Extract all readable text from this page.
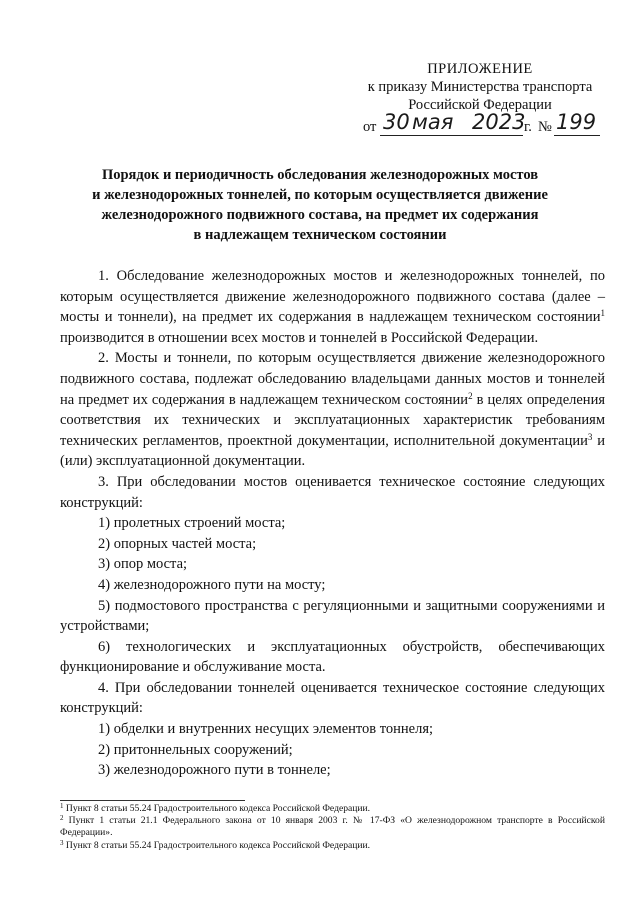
ПРИЛОЖЕНИЕ
к приказу Министерства транспорта
Российской Федерации
от 30 мая 2023
г. № 199
Порядок и периодичность обследования железнодорожных мостов
и железнодорожных тоннелей, по которым осуществляется движение
железнодорожного подвижного состава, на предмет их содержания
в надлежащем техническом состоянии

1. Обследование железнодорожных мостов и железнодорожных тоннелей, по которым осуществляется движение железнодорожного подвижного состава (далее – мосты и тоннели), на предмет их содержания в надлежащем техническом состоянии$^1$ производится в отношении всех мостов и тоннелей в Российской Федерации.

2. Мосты и тоннели, по которым осуществляется движение железнодорожного подвижного состава, подлежат обследованию владельцами данных мостов и тоннелей на предмет их содержания в надлежащем техническом состоянии$^2$ в целях определения соответствия их технических и эксплуатационных характеристик требованиям технических регламентов, проектной документации, исполнительной документации$^3$ и (или) эксплуатационной документации.

3. При обследовании мостов оценивается техническое состояние следующих конструкций:

1) пролетных строений моста;

2) опорных частей моста;

3) опор моста;

4) железнодорожного пути на мосту;

5) подмостового пространства с регуляционными и защитными сооружениями и устройствами;

6) технологических и эксплуатационных обустройств, обеспечивающих функционирование и обслуживание моста.

4. При обследовании тоннелей оценивается техническое состояние следующих конструкций:

1) обделки и внутренних несущих элементов тоннеля;

2) притоннельных сооружений;

3) железнодорожного пути в тоннеле;

$^1$ Пункт 8 статьи 55.24 Градостроительного кодекса Российской Федерации.

$^2$ Пункт 1 статьи 21.1 Федерального закона от 10 января 2003 г. № 17-ФЗ «О железнодорожном транспорте в Российской Федерации».

$^3$ Пункт 8 статьи 55.24 Градостроительного кодекса Российской Федерации.
